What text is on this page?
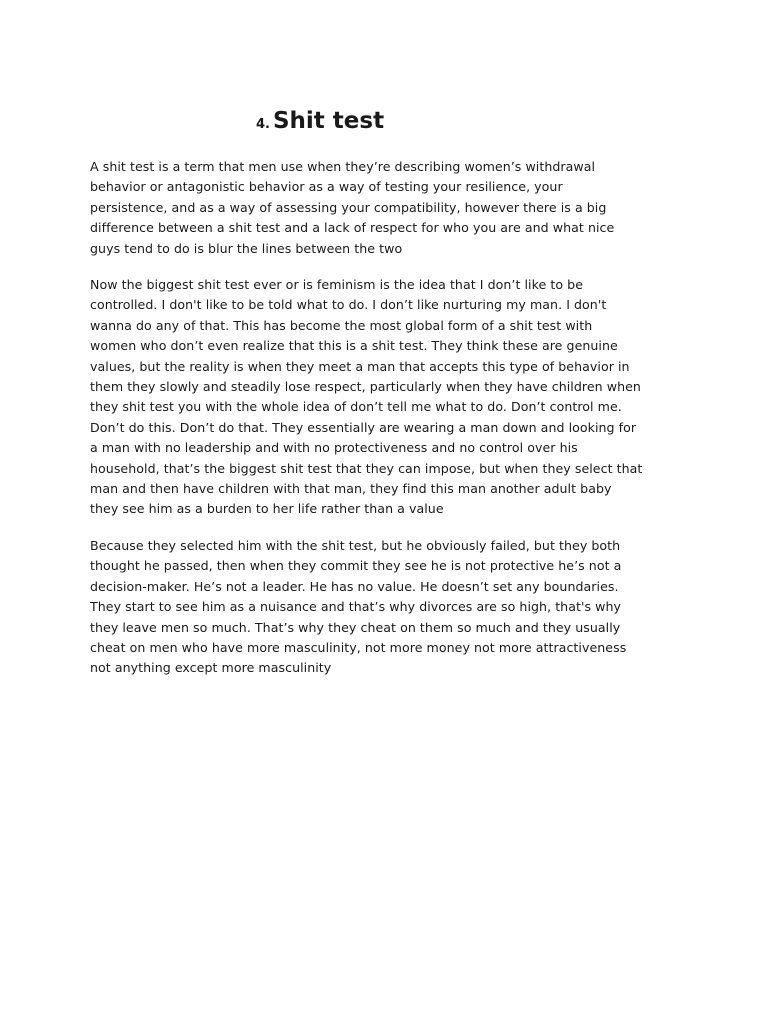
4. Shit test

A shit test is a term that men use when they’re describing women’s withdrawal
behavior or antagonistic behavior as a way of testing your resilience, your
persistence, and as a way of assessing your compatibility, however there is a big
difference between a shit test and a lack of respect for who you are and what nice
guys tend to do is blur the lines between the two

Now the biggest shit test ever or is feminism is the idea that I don’t like to be
controlled. I don't like to be told what to do. I don’t like nurturing my man. I don't
wanna do any of that. This has become the most global form of a shit test with
women who don’t even realize that this is a shit test. They think these are genuine
values, but the reality is when they meet a man that accepts this type of behavior in
them they slowly and steadily lose respect, particularly when they have children when
they shit test you with the whole idea of don’t tell me what to do. Don’t control me.
Don’t do this. Don’t do that. They essentially are wearing a man down and looking for
a man with no leadership and with no protectiveness and no control over his
household, that’s the biggest shit test that they can impose, but when they select that
man and then have children with that man, they find this man another adult baby
they see him as a burden to her life rather than a value

Because they selected him with the shit test, but he obviously failed, but they both
thought he passed, then when they commit they see he is not protective he’s not a
decision-maker. He’s not a leader. He has no value. He doesn’t set any boundaries.
They start to see him as a nuisance and that’s why divorces are so high, that's why
they leave men so much. That’s why they cheat on them so much and they usually
cheat on men who have more masculinity, not more money not more attractiveness
not anything except more masculinity
